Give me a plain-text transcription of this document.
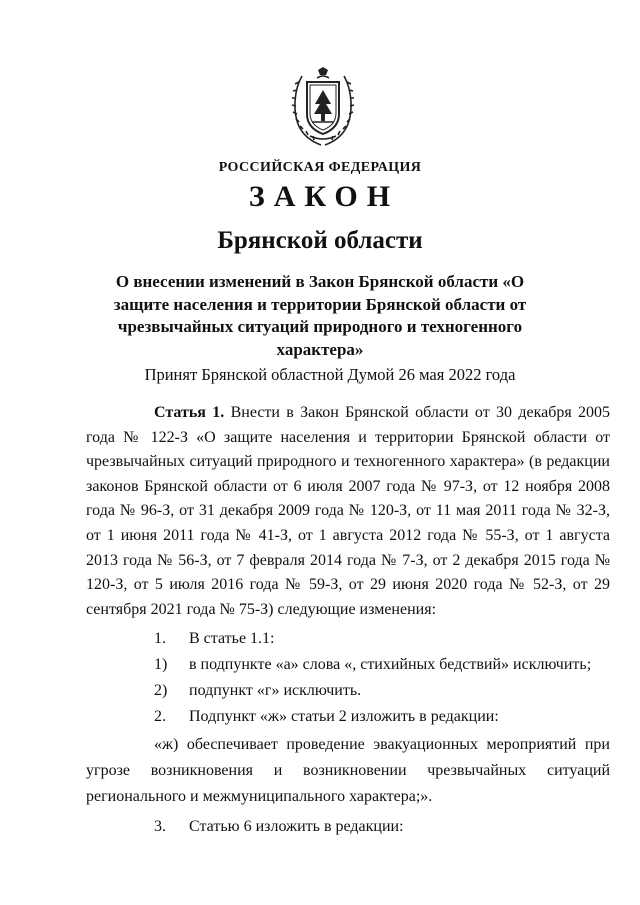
РОССИЙСКАЯ ФЕДЕРАЦИЯ
ЗАКОН
Брянской области
О внесении изменений в Закон Брянской области «О защите населения и территории Брянской области от чрезвычайных ситуаций природного и техногенного характера»
Принят Брянской областной Думой 26 мая 2022 года

Статья 1. Внести в Закон Брянской области от 30 декабря 2005 года № 122-З «О защите населения и территории Брянской области от чрезвычайных ситуаций природного и техногенного характера» (в редакции законов Брянской области от 6 июля 2007 года № 97-З, от 12 ноября 2008 года № 96-З, от 31 декабря 2009 года № 120-З, от 11 мая 2011 года № 32-З, от 1 июня 2011 года № 41-З, от 1 августа 2012 года № 55-З, от 1 августа 2013 года № 56-З, от 7 февраля 2014 года № 7-З, от 2 декабря 2015 года № 120-З, от 5 июля 2016 года № 59-З, от 29 июня 2020 года № 52-З, от 29 сентября 2021 года № 75-З) следующие изменения:

1.	В статье 1.1:
1)	в подпункте «а» слова «, стихийных бедствий» исключить;
2)	подпункт «г» исключить.
2.	Подпункт «ж» статьи 2 изложить в редакции:

«ж) обеспечивает проведение эвакуационных мероприятий при угрозе возникновения и возникновении чрезвычайных ситуаций регионального и межмуниципального характера;».

3.	Статью 6 изложить в редакции:
